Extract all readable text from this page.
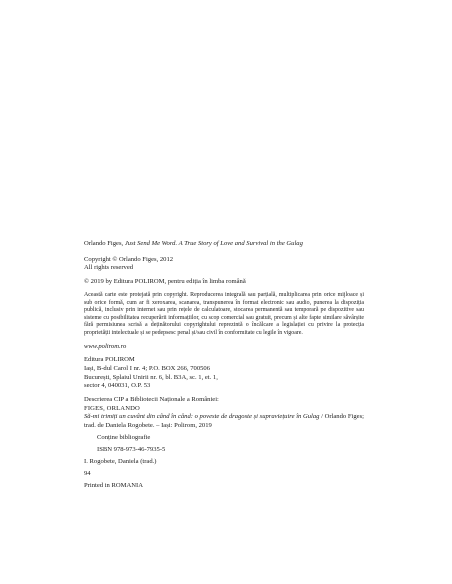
Orlando Figes, Just Send Me Word. A True Story of Love and Survival in the Gulag

Copyright © Orlando Figes, 2012

All rights reserved

© 2019 by Editura POLIROM, pentru ediția în limba română

Această carte este protejată prin copyright. Reproducerea integrală sau parțială, multiplicarea prin orice mijloace și sub orice formă, cum ar fi xeroxarea, scanarea, transpunerea în format electronic sau audio, punerea la dispoziția publică, inclusiv prin internet sau prin rețele de calculatoare, stocarea permanentă sau temporară pe dispozitive sau sisteme cu posibilitatea recuperării informațiilor, cu scop comercial sau gratuit, precum și alte fapte similare săvârșite fără permisiunea scrisă a deținătorului copyrightului reprezintă o încălcare a legislației cu privire la protecția proprietății intelectuale și se pedepsesc penal și/sau civil în conformitate cu legile în vigoare.

www.polirom.ro

Editura POLIROM

Iași, B-dul Carol I nr. 4; P.O. BOX 266, 700506

București, Splaiul Unirii nr. 6, bl. B3A, sc. 1, et. 1,

sector 4, 040031, O.P. 53

Descrierea CIP a Bibliotecii Naționale a României:

FIGES, ORLANDO

Să-mi trimiți un cuvânt din când în când: o poveste de dragoste și supraviețuire în Gulag / Orlando Figes; trad. de Daniela Rogobete. – Iași: Polirom, 2019

Conține bibliografie

ISBN 978-973-46-7935-5

I. Rogobete, Daniela (trad.)

94

Printed in ROMANIA
